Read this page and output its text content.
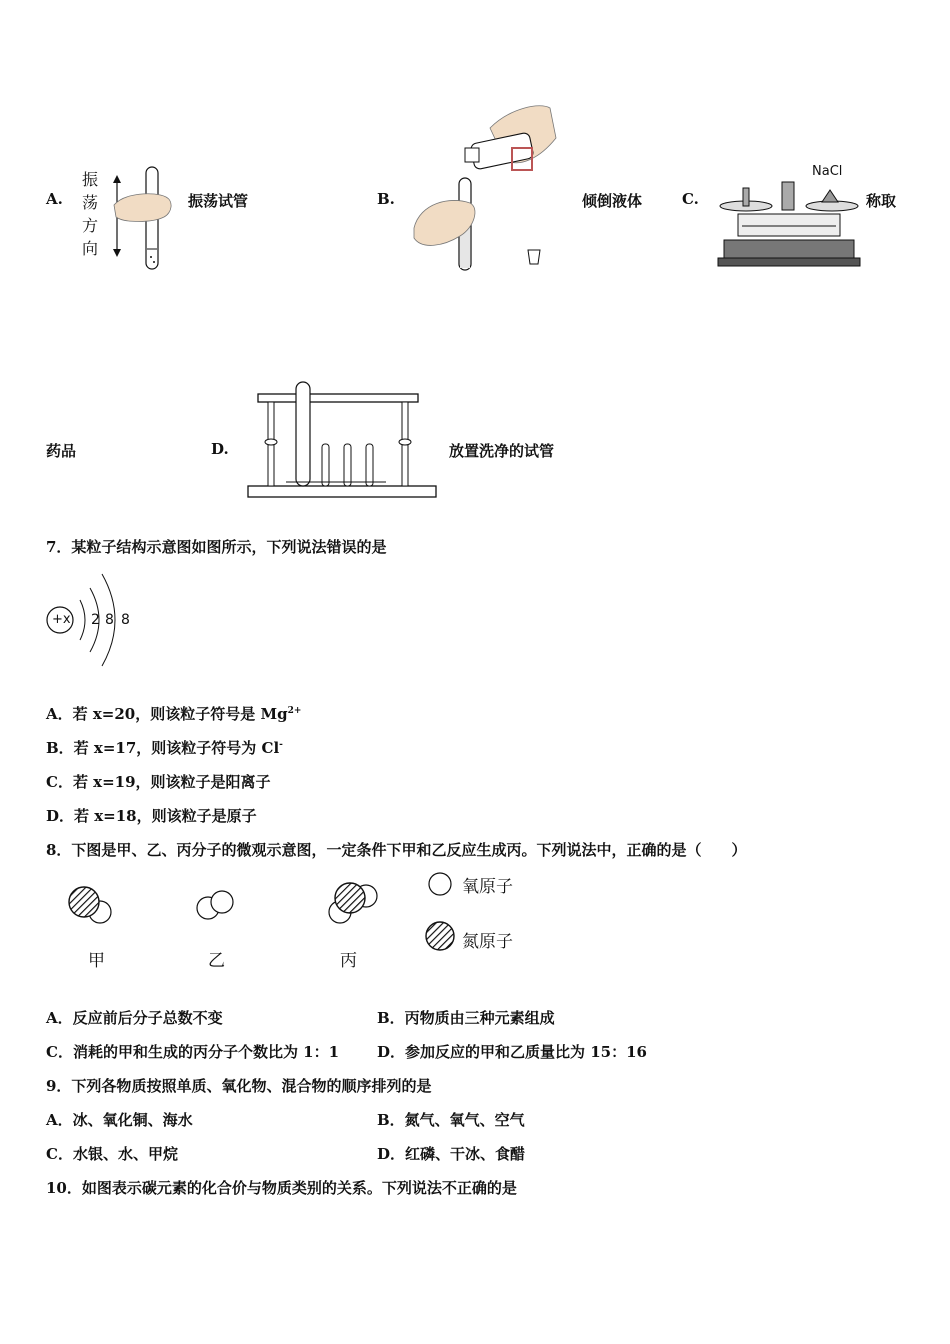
A.
振
荡
方
向
振荡试管	B.	倾倒液体	C.
NaCl
称取
药品	D.	放置洗净的试管
7．某粒子结构示意图如图所示，下列说法错误的是
+x 2 8 8
A．若 x=20，则该粒子符号是 $Mg^{2+}$
B．若 x=17，则该粒子符号为 Cl-
C．若 x=19，则该粒子是阳离子
D．若 x=18，则该粒子是原子
8．下图是甲、乙、丙分子的微观示意图，一定条件下甲和乙反应生成丙。下列说法中，正确的是（　　）
甲	乙	丙
氧原子
氮原子
A．反应前后分子总数不变	B．丙物质由三种元素组成
C．消耗的甲和生成的丙分子个数比为 1：1	D．参加反应的甲和乙质量比为 15：16
9．下列各物质按照单质、氧化物、混合物的顺序排列的是
A．冰、氧化铜、海水	B．氮气、氧气、空气
C．水银、水、甲烷	D．红磷、干冰、食醋
10．如图表示碳元素的化合价与物质类别的关系。下列说法不正确的是
